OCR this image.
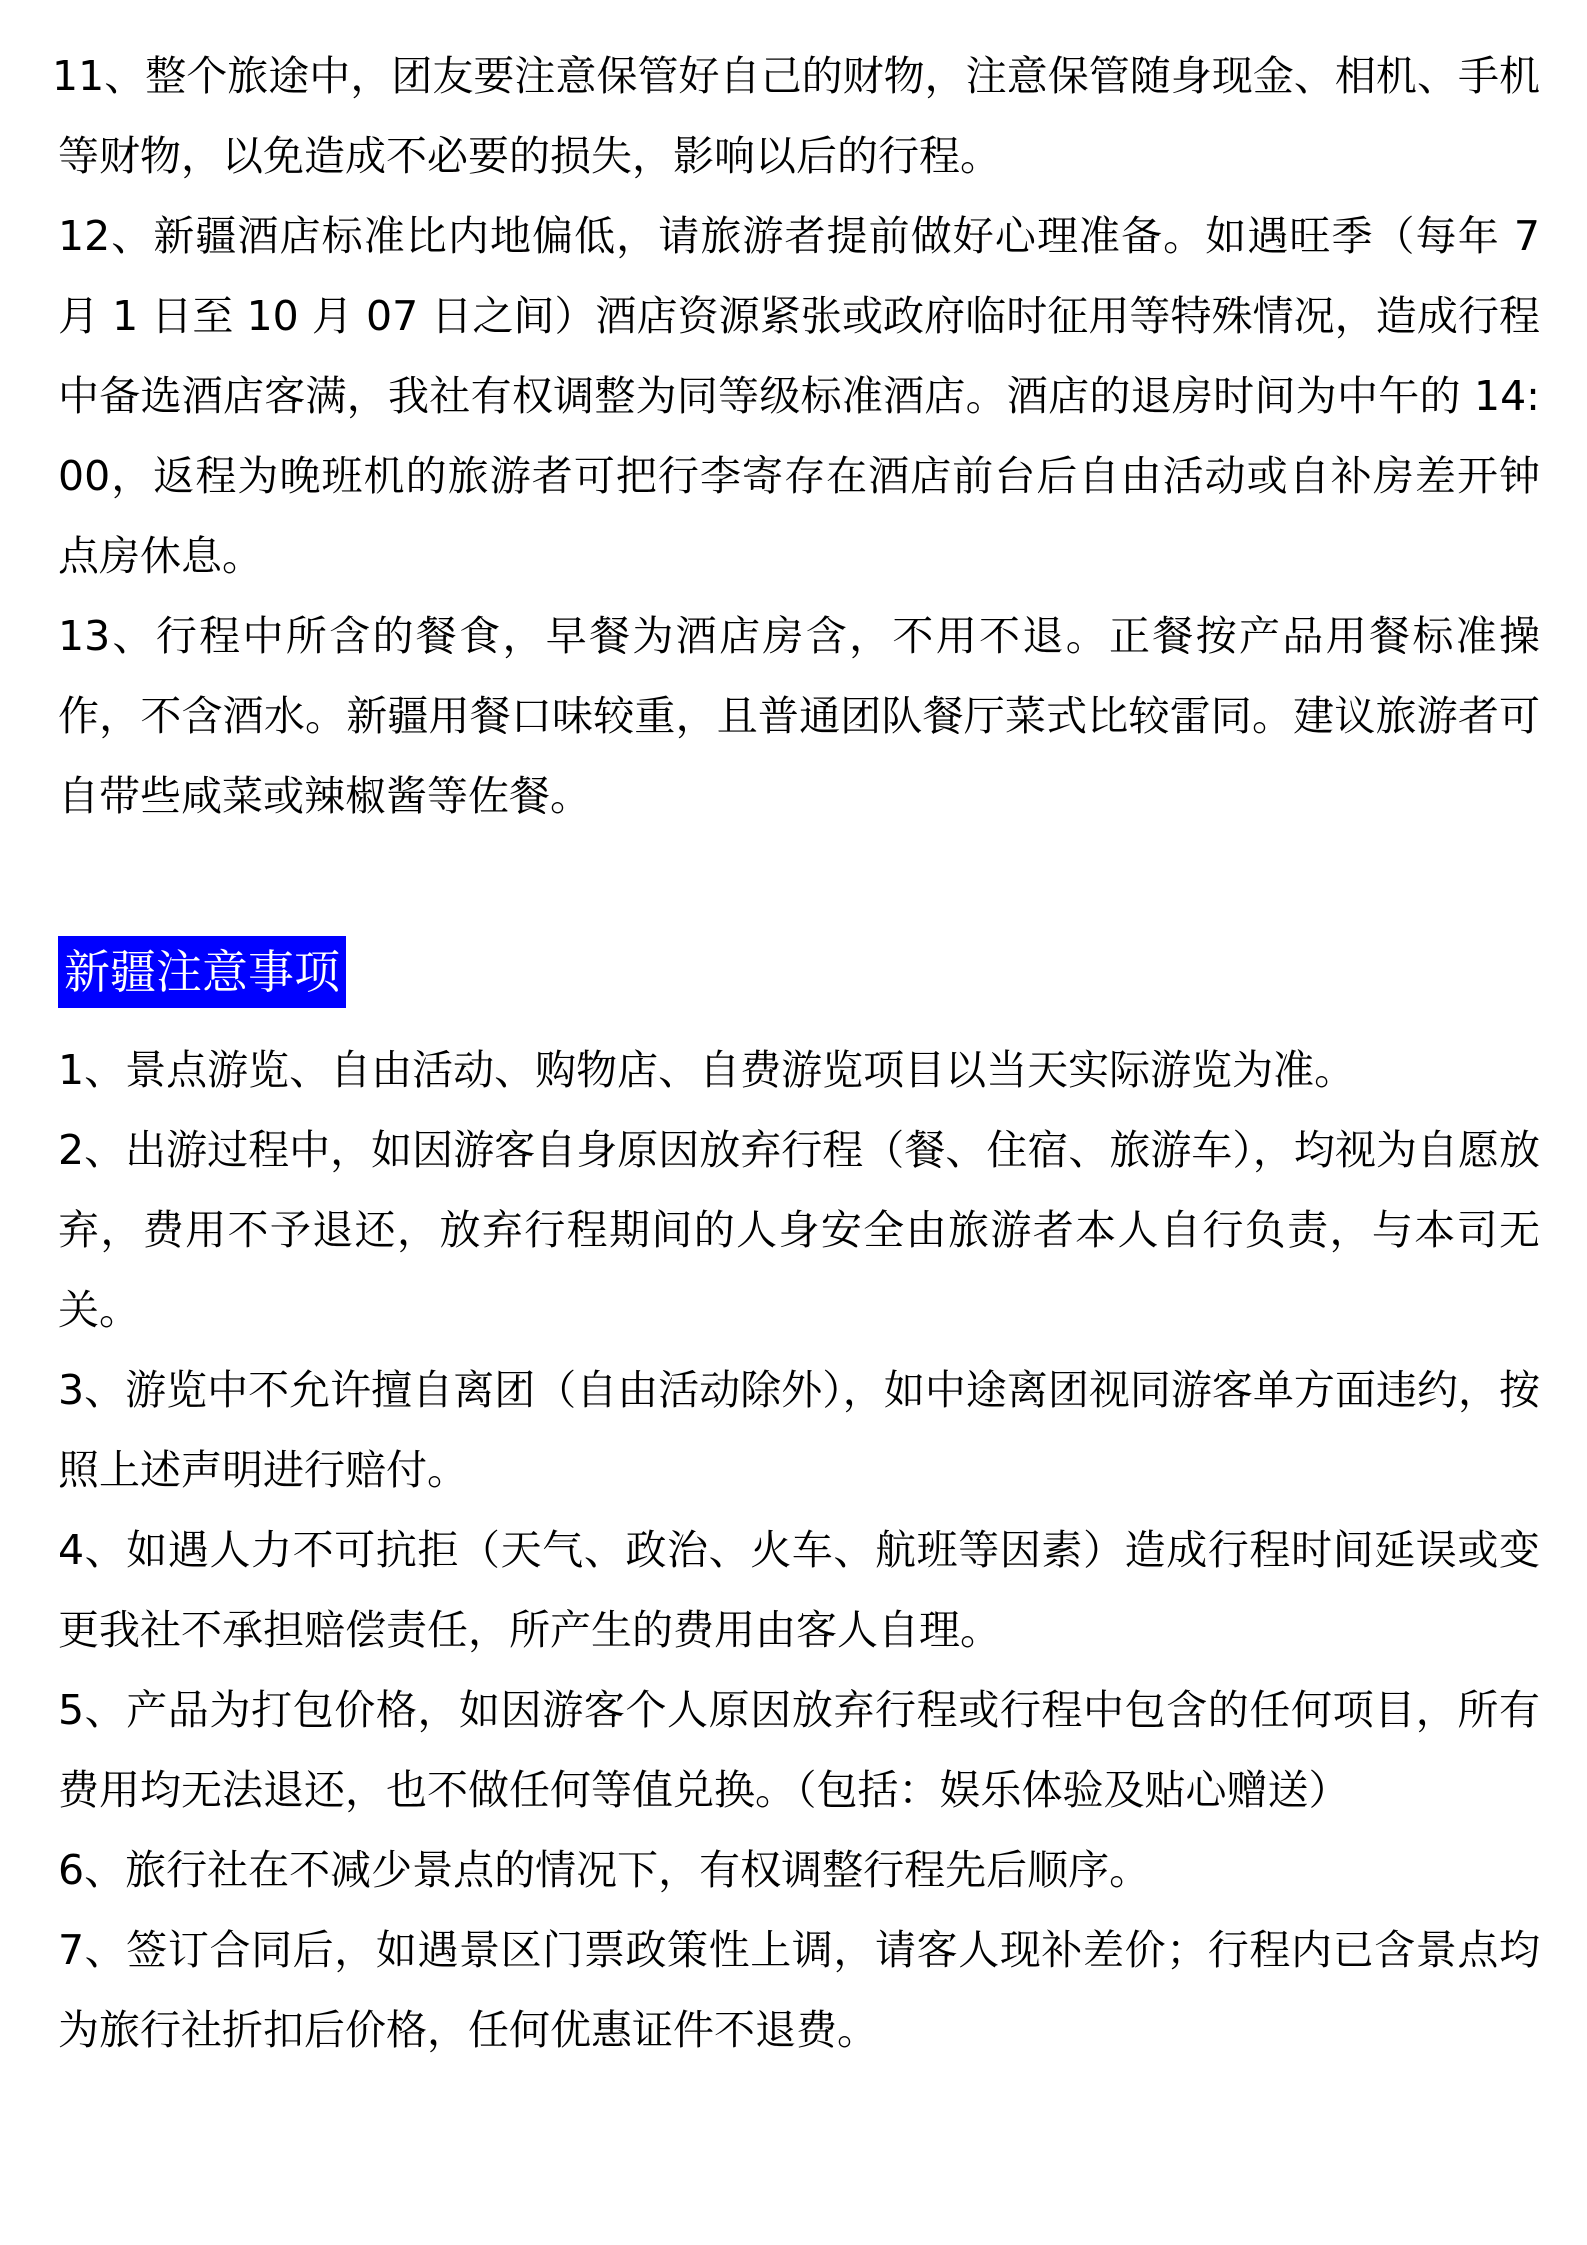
11、整个旅途中，团友要注意保管好自己的财物，注意保管随身现金、相机、手机等财物，以免造成不必要的损失，影响以后的行程。

12、新疆酒店标准比内地偏低，请旅游者提前做好心理准备。如遇旺季（每年 7 月 1 日至 10 月 07 日之间）酒店资源紧张或政府临时征用等特殊情况，造成行程中备选酒店客满，我社有权调整为同等级标准酒店。酒店的退房时间为中午的 14:00，返程为晚班机的旅游者可把行李寄存在酒店前台后自由活动或自补房差开钟点房休息。

13、行程中所含的餐食，早餐为酒店房含，不用不退。正餐按产品用餐标准操作，不含酒水。新疆用餐口味较重，且普通团队餐厅菜式比较雷同。建议旅游者可自带些咸菜或辣椒酱等佐餐。

新疆注意事项

1、景点游览、自由活动、购物店、自费游览项目以当天实际游览为准。

2、出游过程中，如因游客自身原因放弃行程（餐、住宿、旅游车），均视为自愿放弃，费用不予退还，放弃行程期间的人身安全由旅游者本人自行负责，与本司无关。

3、游览中不允许擅自离团（自由活动除外），如中途离团视同游客单方面违约，按照上述声明进行赔付。

4、如遇人力不可抗拒（天气、政治、火车、航班等因素）造成行程时间延误或变更我社不承担赔偿责任，所产生的费用由客人自理。

5、产品为打包价格，如因游客个人原因放弃行程或行程中包含的任何项目，所有费用均无法退还，也不做任何等值兑换。（包括：娱乐体验及贴心赠送）

6、旅行社在不减少景点的情况下，有权调整行程先后顺序。

7、签订合同后，如遇景区门票政策性上调，请客人现补差价；行程内已含景点均为旅行社折扣后价格，任何优惠证件不退费。
